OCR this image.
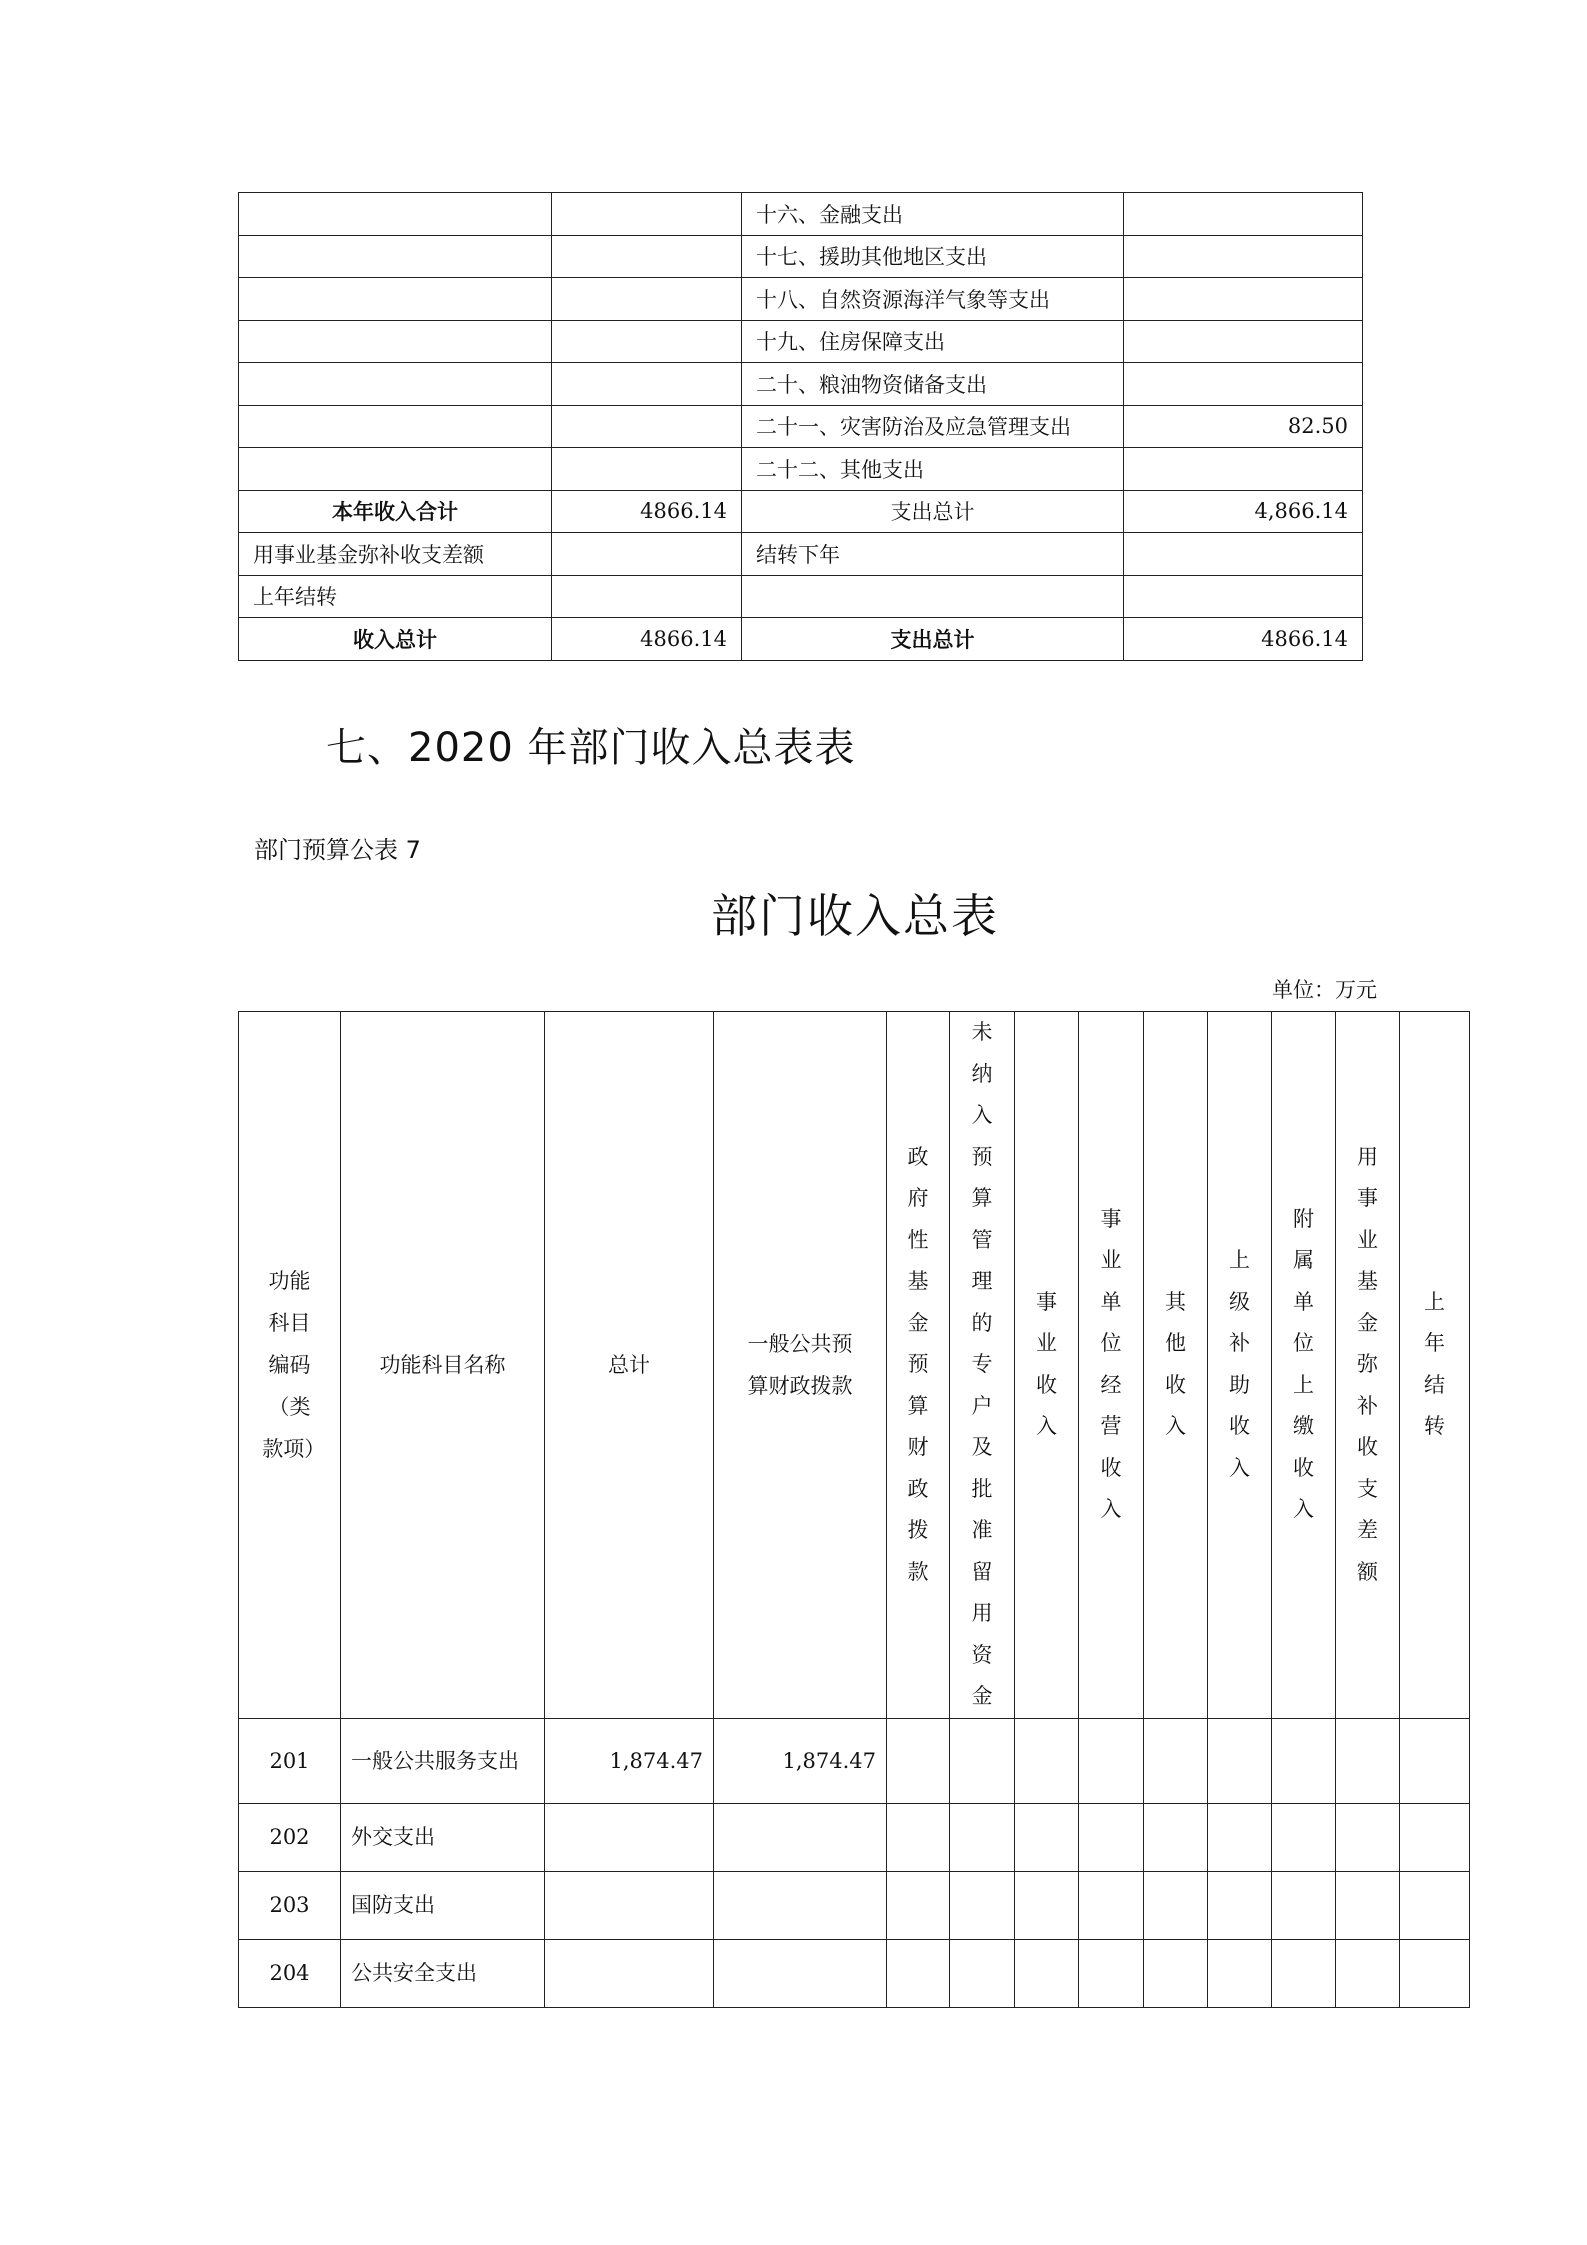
		十六、金融支出	
		十七、援助其他地区支出	
		十八、自然资源海洋气象等支出	
		十九、住房保障支出	
		二十、粮油物资储备支出	
		二十一、灾害防治及应急管理支出	82.50
		二十二、其他支出	
本年收入合计	4866.14	支出总计	4,866.14
用事业基金弥补收支差额		结转下年	
上年结转			
收入总计	4866.14	支出总计	4866.14
七、2020 年部门收入总表表

部门预算公表 7

部门收入总表

单位：万元

功能科目编码（类款项）	功能科目名称	总计	一般公共预算财政拨款	政府性基金预算财政拨款	未纳入预算管理的专户及批准留用资金	事业收入	事业单位经营收入	其他收入	上级补助收入	附属单位上缴收入	用事业基金弥补收支差额	上年结转

201	一般公共服务支出	1,874.47	1,874.47									
202	外交支出											
203	国防支出											
204	公共安全支出											
